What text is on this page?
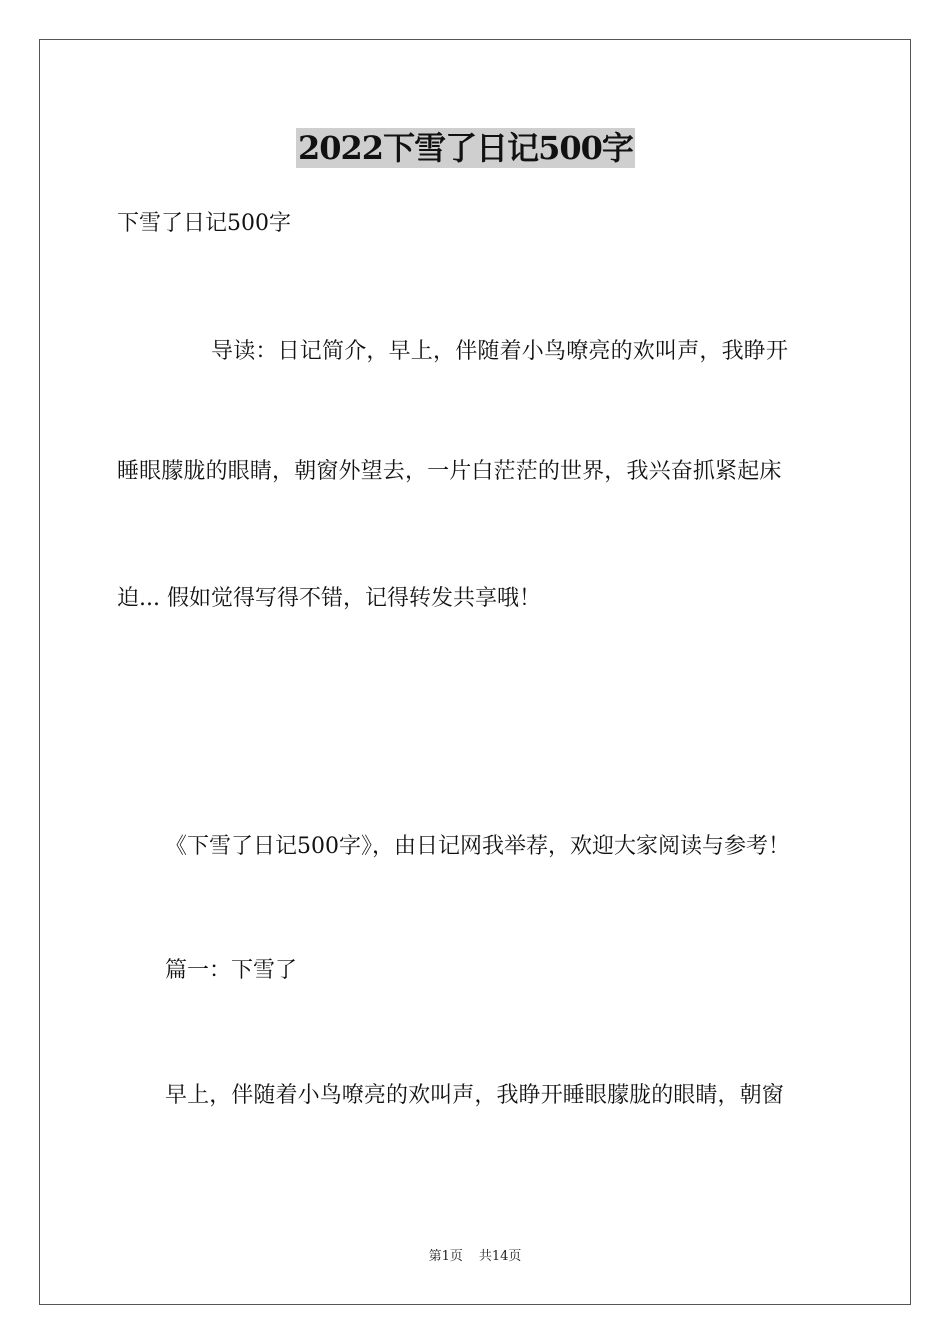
2022下雪了日记500字
下雪了日记500字
导读：日记简介，早上，伴随着小鸟嘹亮的欢叫声，我睁开
睡眼朦胧的眼睛，朝窗外望去，一片白茫茫的世界，我兴奋抓紧起床
迫... 假如觉得写得不错，记得转发共享哦！
《下雪了日记500字》，由日记网我举荐，欢迎大家阅读与参考！
篇一：下雪了
早上，伴随着小鸟嘹亮的欢叫声，我睁开睡眼朦胧的眼睛，朝窗
第1页 共14页
